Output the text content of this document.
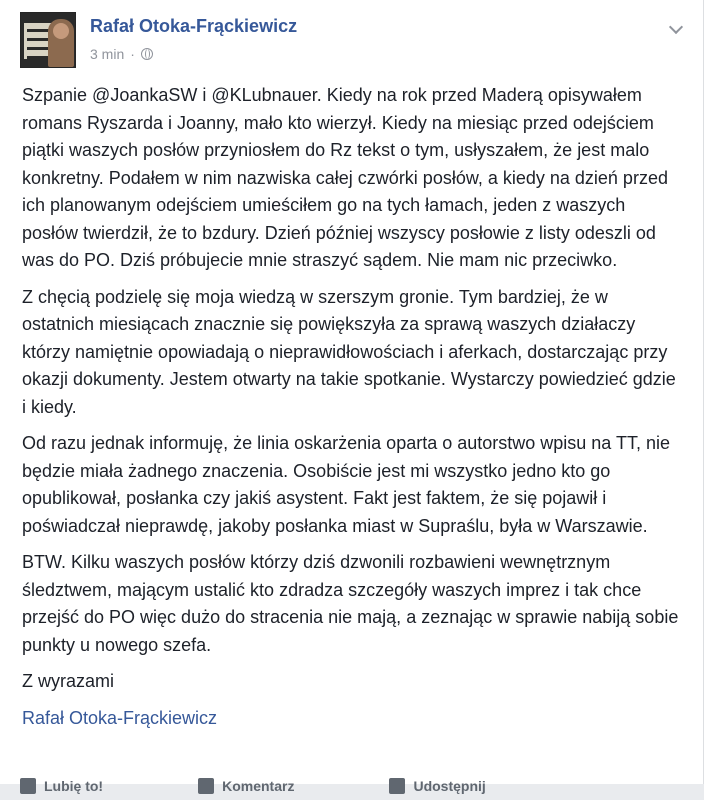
Rafał Otoka-Frąckiewicz
3 min ·

Szpanie @JoankaSW i @KLubnauer. Kiedy na rok przed Maderą opisywałem romans Ryszarda i Joanny, mało kto wierzył. Kiedy na miesiąc przed odejściem piątki waszych posłów przyniosłem do Rz tekst o tym, usłyszałem, że jest malo konkretny. Podałem w nim nazwiska całej czwórki posłów, a kiedy na dzień przed ich planowanym odejściem umieściłem go na tych łamach, jeden z waszych posłów twierdził, że to bzdury. Dzień później wszyscy posłowie z listy odeszli od was do PO. Dziś próbujecie mnie straszyć sądem. Nie mam nic przeciwko.

Z chęcią podzielę się moja wiedzą w szerszym gronie. Tym bardziej, że w ostatnich miesiącach znacznie się powiększyła za sprawą waszych działaczy którzy namiętnie opowiadają o nieprawidłowościach i aferkach, dostarczając przy okazji dokumenty. Jestem otwarty na takie spotkanie. Wystarczy powiedzieć gdzie i kiedy.

Od razu jednak informuję, że linia oskarżenia oparta o autorstwo wpisu na TT, nie będzie miała żadnego znaczenia. Osobiście jest mi wszystko jedno kto go opublikował, posłanka czy jakiś asystent. Fakt jest faktem, że się pojawił i poświadczał nieprawdę, jakoby posłanka miast w Supraślu, była w Warszawie.

BTW. Kilku waszych posłów którzy dziś dzwonili rozbawieni wewnętrznym śledztwem, mającym ustalić kto zdradza szczegóły waszych imprez i tak chce przejść do PO więc dużo do stracenia nie mają, a zeznając w sprawie nabiją sobie punkty u nowego szefa.

Z wyrazami

Rafał Otoka-Frąckiewicz

Lubię to!	Komentarz	Udostępnij
